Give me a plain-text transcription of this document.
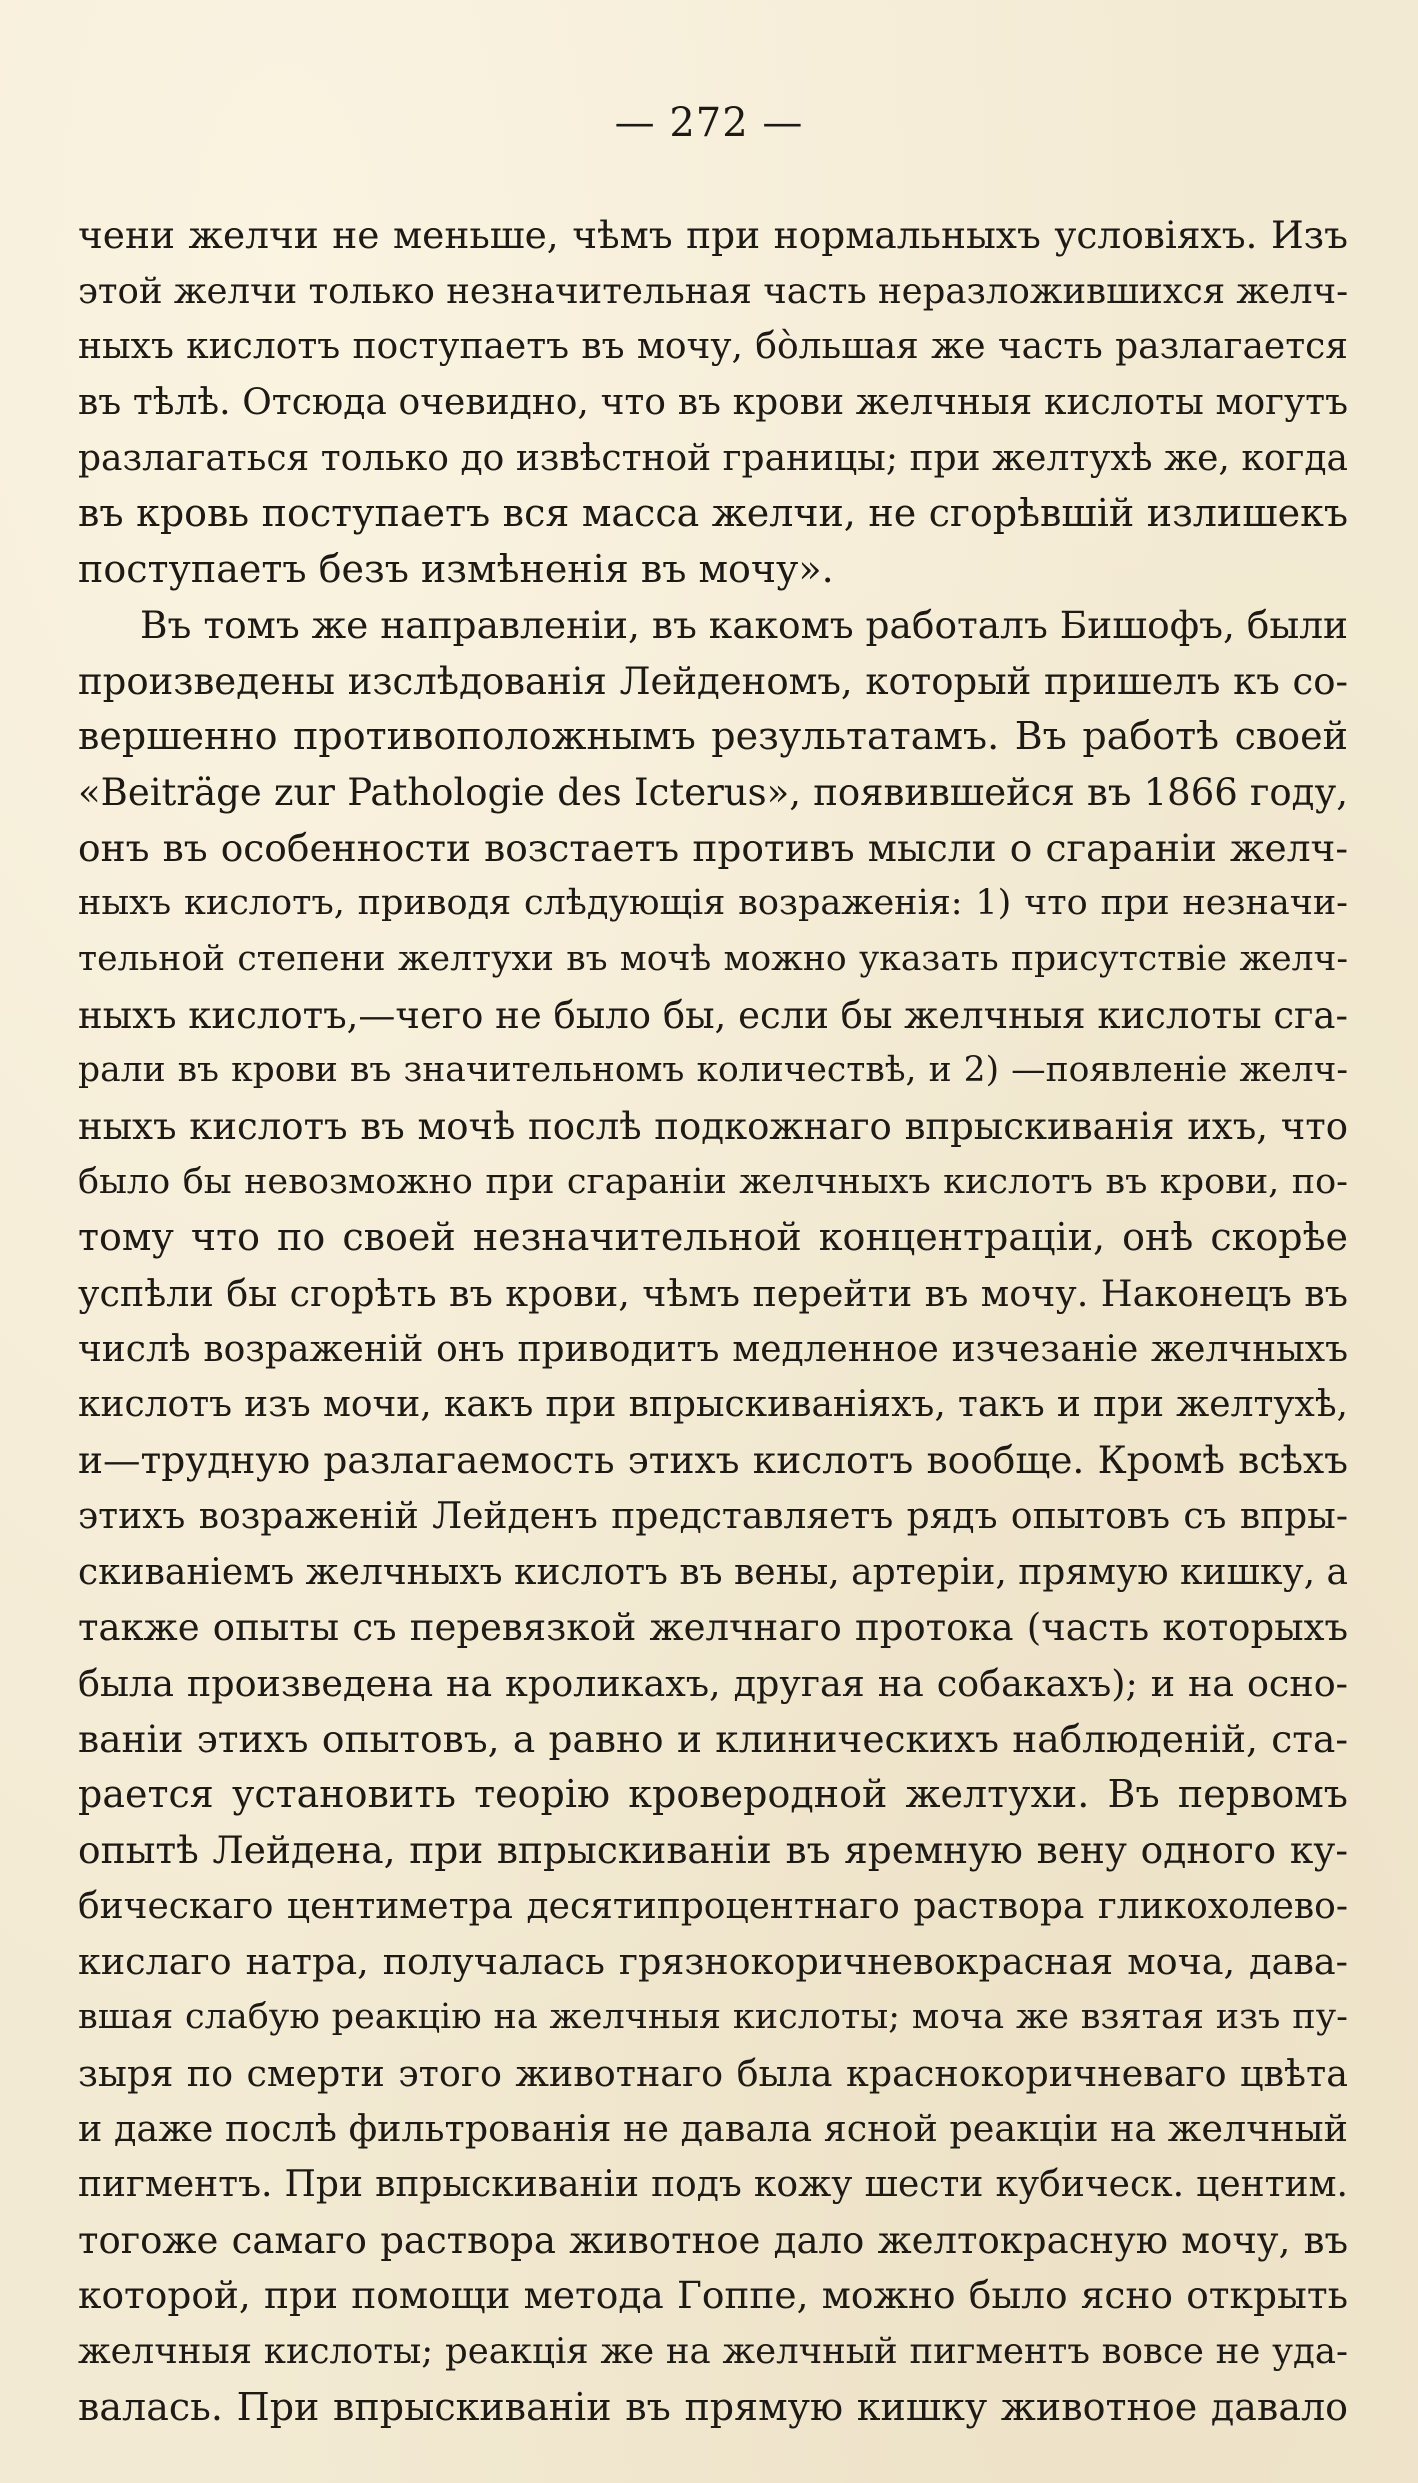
— 272 —
чени желчи не меньше, чѣмъ при нормальныхъ условіяхъ. Изъ
этой желчи только незначительная часть неразложившихся желч-
ныхъ кислотъ поступаетъ въ мочу, бо̀льшая же часть разлагается
въ тѣлѣ. Отсюда очевидно, что въ крови желчныя кислоты могутъ
разлагаться только до извѣстной границы; при желтухѣ же, когда
въ кровь поступаетъ вся масса желчи, не сгорѣвшій излишекъ
поступаетъ безъ измѣненія въ мочу».
Въ томъ же направленіи, въ какомъ работалъ Бишофъ, были
произведены изслѣдованія Лейденомъ, который пришелъ къ со-
вершенно противоположнымъ результатамъ. Въ работѣ своей
«Beiträge zur Pathologie des Icterus», появившейся въ 1866 году,
онъ въ особенности возстаетъ противъ мысли о сгараніи желч-
ныхъ кислотъ, приводя слѣдующія возраженія: 1) что при незначи-
тельной степени желтухи въ мочѣ можно указать присутствіе желч-
ныхъ кислотъ,—чего не было бы, если бы желчныя кислоты сга-
рали въ крови въ значительномъ количествѣ, и 2) —появленіе желч-
ныхъ кислотъ въ мочѣ послѣ подкожнаго впрыскиванія ихъ, что
было бы невозможно при сгараніи желчныхъ кислотъ въ крови, по-
тому что по своей незначительной концентраціи, онѣ скорѣе
успѣли бы сгорѣть въ крови, чѣмъ перейти въ мочу. Наконецъ въ
числѣ возраженій онъ приводитъ медленное изчезаніе желчныхъ
кислотъ изъ мочи, какъ при впрыскиваніяхъ, такъ и при желтухѣ,
и—трудную разлагаемость этихъ кислотъ вообще. Кромѣ всѣхъ
этихъ возраженій Лейденъ представляетъ рядъ опытовъ съ впры-
скиваніемъ желчныхъ кислотъ въ вены, артеріи, прямую кишку, а
также опыты съ перевязкой желчнаго протока (часть которыхъ
была произведена на кроликахъ, другая на собакахъ); и на осно-
ваніи этихъ опытовъ, а равно и клиническихъ наблюденій, ста-
рается установить теорію кроверодной желтухи. Въ первомъ
опытѣ Лейдена, при впрыскиваніи въ яремную вену одного ку-
бическаго центиметра десятипроцентнаго раствора гликохолево-
кислаго натра, получалась грязнокоричневокрасная моча, дава-
вшая слабую реакцію на желчныя кислоты; моча же взятая изъ пу-
зыря по смерти этого животнаго была краснокоричневаго цвѣта
и даже послѣ фильтрованія не давала ясной реакціи на желчный
пигментъ. При впрыскиваніи подъ кожу шести кубическ. центим.
тогоже самаго раствора животное дало желтокрасную мочу, въ
которой, при помощи метода Гоппе, можно было ясно открыть
желчныя кислоты; реакція же на желчный пигментъ вовсе не уда-
валась. При впрыскиваніи въ прямую кишку животное давало
